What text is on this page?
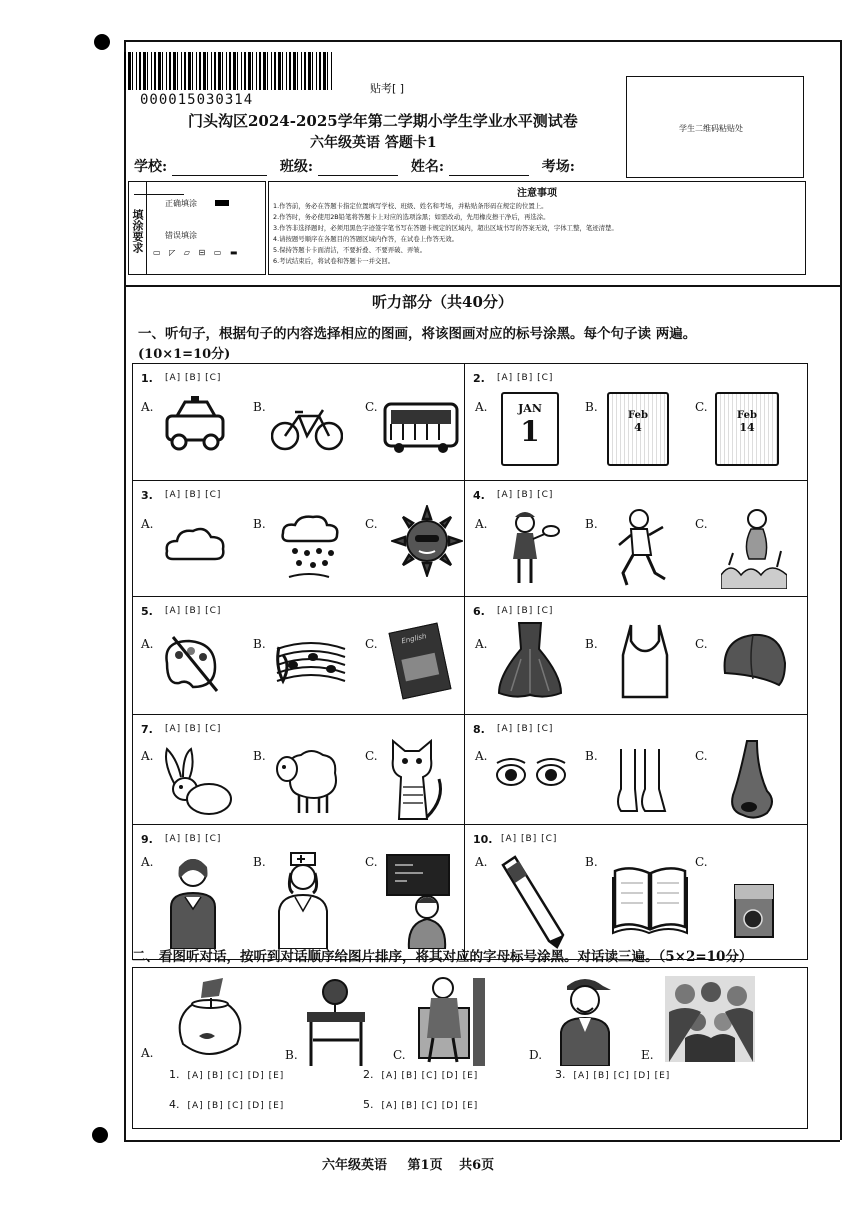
000015030314
贴考[ ]
门头沟区2024-2025学年第二学期小学生学业水平测试卷
六年级英语 答题卡1
学生二维码粘贴处
学校:	班级:	姓名:	考场:
填涂要求
正确填涂
错误填涂
▭ ◸ ▱ ⊟ ▭ ▬
注意事项
1.作答前，务必在答题卡指定位置填写学校、班级、姓名和考场，并粘贴条形码在规定的位置上。
2.作答时，务必使用2B铅笔将答题卡上对应的选项涂黑；如需改动，先用橡皮擦干净后，再选涂。
3.作答非选择题时，必须用黑色字迹签字笔书写在答题卡规定的区域内，超出区域书写的答案无效，字体工整，笔迹清楚。
4.请按题号顺序在各题目的答题区域内作答，在试卷上作答无效。
5.保持答题卡卡面清洁，不要折叠、不要弄破、弄皱。
6.考试结束后，将试卷和答题卡一并交回。
听力部分（共40分）
一、听句子，根据句子的内容选择相应的图画，将该图画对应的标号涂黑。每个句子读 两遍。
(10×1=10分)
1. [A] [B] [C]
A.	B.	C.
2. [A] [B] [C]
A.	B.	C.
JAN
1	Feb
4
Feb
14
3. [A] [B] [C]
A.	B.	C.
4. [A] [B] [C]
A.	B.	C.
5. [A] [B] [C]
A.	B.	C.	English
6. [A] [B] [C]
A.	B.	C.
7. [A] [B] [C]
A.	B.	C.
8. [A] [B] [C]
A.	B.	C.
9. [A] [B] [C]
A.	B.	C.
10. [A] [B] [C]
A.	B.	C.
二、看图听对话，按听到对话顺序给图片排序，将其对应的字母标号涂黑。对话读三遍。（5×2=10分）
A.	B.	C.	D.	E.
1. [A] [B] [C] [D] [E]	2. [A] [B] [C] [D] [E]	3. [A] [B] [C] [D] [E]
4. [A] [B] [C] [D] [E]	5. [A] [B] [C] [D] [E]
六年级英语 第1页 共6页
